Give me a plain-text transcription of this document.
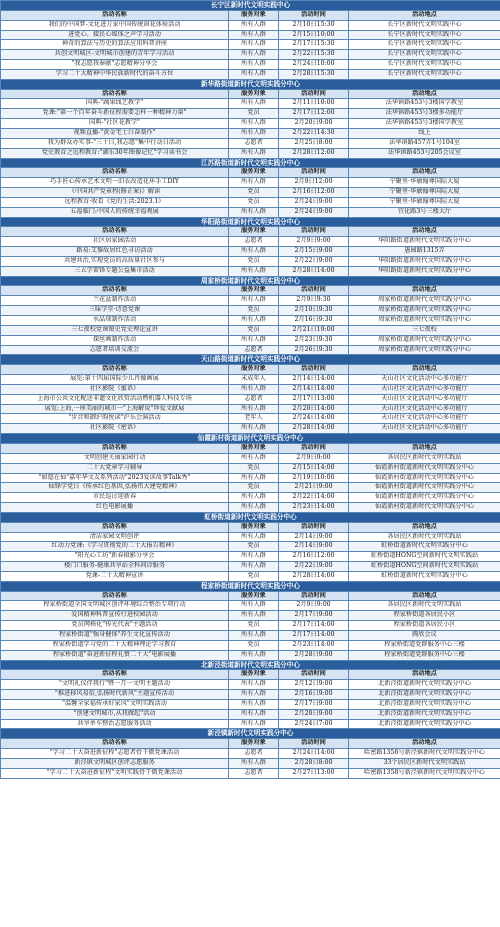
长宁区新时代文明实践中心			
活动名称	服务对象	活动时间	活动地点
我们的中国梦-文化进万家中国传统窗花体验活动	所有人群	2月10日15:30	长宁区新时代文明实践中心
进党心、接民心媒体之声学习活动	所有人群	2月15日10:00	长宁区新时代文明实践中心
神奇的算法与历史的算法应用科普讲座	所有人群	2月17日15:30	长宁区新时代文明实践中心
共创文明城区-文明城市创建的青年学习活动	所有人群	2月22日15:30	长宁区新时代文明实践中心
"我志愿我奉献"志愿精神分享会	所有人群	2月24日10:00	长宁区新时代文明实践中心
学习二十大精神中华民族新时代的奋斗方位	所有人群	2月28日15:30	长宁区新时代文明实践中心
新华路街道新时代文明实践分中心			
活动名称	服务对象	活动时间	活动地点
国典-"蔬果线艺教学"	所有人群	2月11日10:00	法华镇路453号3楼国学教室
党课:"第一个百年奋斗新征程需要怎样一种精神力量"	党员	2月17日12:00	法华镇路453号3楼多功能厅
国典-"社区花教学"	所有人群	2月20日9:00	法华镇路453号3楼国学教室
视频直播-"黄金宅士白奋制作"	所有人群	2月22日14:30	线上
我为群众办实事-"三十日,我志愿"集中行动日活动	志愿者	2月25日8:00	法华镇路457弄1号104室
党史教育之远程教育:"湖东30年图像记忆"学习读书会	所有人群	2月28日12:00	法华镇路453号205会议室
江苏路街道新时代文明实践分中心			
活动名称	服务对象	活动时间	活动地点
巧手匠心传承艺术文明一旧衣改造花环手工DIY	所有人群	2月9日12:00	宁聚里·华敏翰尊国际大厦
《中国共产党章程(修正案)》解读	党员	2月16日12:00	宁聚里·华敏翰尊国际大厦
远程教育·收看《党的生活:2023.1》	党员	2月24日9:00	宁聚里·华敏翰尊国际大厦
五福临门:中国人的传统幸福观展	所有人群	2月24日9:00	宜化路3号三楼大厅
华阳路街道新时代文明实践分中心			
活动名称	服务对象	活动时间	活动地点
社区居家园活动	志愿者	2月9日9:00	华阳路街道新时代文明实践分中心
路易:艾黎故居红色寻访活动	所有人群	2月15日9:00	愚园路1315弄
共建共治,实现党员的高质量社区参与	党员	2月22日9:00	华阳路街道新时代文明实践分中心
三五学雷锋专题公益集市活动	所有人群	2月28日14:00	华阳路街道新时代文明实践分中心
周家桥街道新时代文明实践分中心			
活动名称	服务对象	活动时间	活动地点
兰花盆制作活动	所有人群	2月9日9:30	周家桥街道新时代文明实践分中心
三味学堂·诗意党课	党员	2月10日9:30	周家桥街道新时代文明实践分中心
水晶球制作活动	所有人群	2月16日9:30	周家桥街道新时代文明实践分中心
三七夜校党课图史党史理论宣讲	党员	2月21日19:00	三七夜校
探丝画制作活动	所有人群	2月23日9:30	周家桥街道新时代文明实践分中心
志愿者培训交流会	志愿者	2月26日9:30	周家桥街道新时代文明实践分中心
天山路街道新时代文明实践分中心			
活动名称	服务对象	活动时间	活动地点
展览:第十四届国际少儿肖像画展	未成年人	2月14日14:00	天山社区文化活动中心多功能厅
社区影院《蜜语》	所有人群	2月14日14:00	天山社区文化活动中心多功能厅
上海市公共文化配送非遗文化欣赏活动暨机器人科技专场	志愿者	2月17日13:00	天山社区文化活动中心多功能厅
展览:上海,一座美丽的城市一"上海解说"珍爱文献展	所有人群	2月20日14:00	天山社区文化活动中心多功能厅
"步音和御沪韵悦读"沪乐会演活动	老年人	2月24日14:00	天山社区文化活动中心多功能厅
社区影院《密语》	所有人群	2月28日14:00	天山社区文化活动中心多功能厅
仙霞新村街道新时代文明实践分中心			
活动名称	服务对象	活动时间	活动地点
文明创建关丽家园行动	所有人群	2月9日9:00	各居民区新时代文明实践站
二十大党章学习辅导	党员	2月15日14:00	仙霞新村街道新时代文明实践分中心
"如愿在仙"嘉年华文友系列活动"2023爱读故事Talk秀"	所有人群	2月19日10:00	仙霞新村街道新时代文明实践分中心
仙锋学党日《传承红色基因,弘扬伟大建党精神》	党员	2月21日9:00	仙霞新村街道新时代文明实践分中心
市民巡讨迎新春	所有人群	2月22日14:00	仙霞新村街道新时代文明实践分中心
红色电影展播	所有人群	2月23日14:00	仙霞新村街道新时代文明实践分中心
虹桥街道新时代文明实践分中心			
活动名称	服务对象	活动时间	活动地点
清洁家园文明创评	所有人群	2月14日9:00	各居民区新时代文明实践站
红动力党课:《学习贯彻党的二十大报告精神》	党员	2月14日9:00	虹桥街道新时代文明实践分中心
"阳光心工坊"新春摄影分享会	所有人群	2月16日12:00	虹桥街道HONG空间新时代文明实践站
楼门口服务-健康共享站全科问诊服务	所有人群	2月22日9:00	虹桥街道HONG空间新时代文明实践站
党课-二十大精神宣讲	党员	2月28日14:00	虹桥街道新时代文明实践分中心
程家桥街道新时代文明实践分中心			
活动名称	服务对象	活动时间	活动地点
程家桥街道全国文明城区创评环境综合整治专项行动	所有人群	2月9日9:00	各居民区新时代文明实践站
爱国精神科普宣传行进校园活动	所有人群	2月17日9:00	程家桥街道各居民小区
党员网格化"传光代表"主题活动	党员	2月17日14:00	程家桥街道各居民小区
程家桥街道"强身健体"养生文化宣传活动	所有人群	2月17日14:00	腾欣会议
程家桥街道学习党的二十大精神理论学习教育	党员	2月23日14:00	程家桥街道党群服务中心三楼
程家桥街道"奋进新征程礼赞二十大"电影展播	所有人群	2月28日9:00	程家桥街道党群服务中心三楼
北新泾街道新时代文明实践分中心			
活动名称	服务对象	活动时间	活动地点
"文明礼仪伴我行"暨一月一文明主题活动	所有人群	2月12日9:00	北新泾街道新时代文明实践分中心
"推进移风易俗,弘扬时代新风"主题宣传活动	所有人群	2月16日9:00	北新泾街道新时代文明实践分中心
"温馨全家福传承好家风"文明实践活动	所有人群	2月17日9:00	北新泾街道新时代文明实践分中心
"创建文明城市,从我做起"活动	所有人群	2月20日9:00	北新泾街道新时代文明实践分中心
共享单车整治志愿服务活动	所有人群	2月24日7:00	北新泾街道新时代文明实践分中心
新泾镇新时代文明实践分中心			
活动名称	服务对象	活动时间	活动地点
"学习二十大奋进新征程"志愿者骨干微党课活动	志愿者	2月24日14:00	哈密路1358号新泾镇新时代文明实践分中心
新泾镇文明城区创评志愿服务	所有人群	2月28日8:00	33个居民区新时代文明实践站
"学习二十大奋进新征程"文明实践骨干微党课活动	志愿者	2月27日13:00	哈密路1358号新泾镇新时代文明实践分中心
